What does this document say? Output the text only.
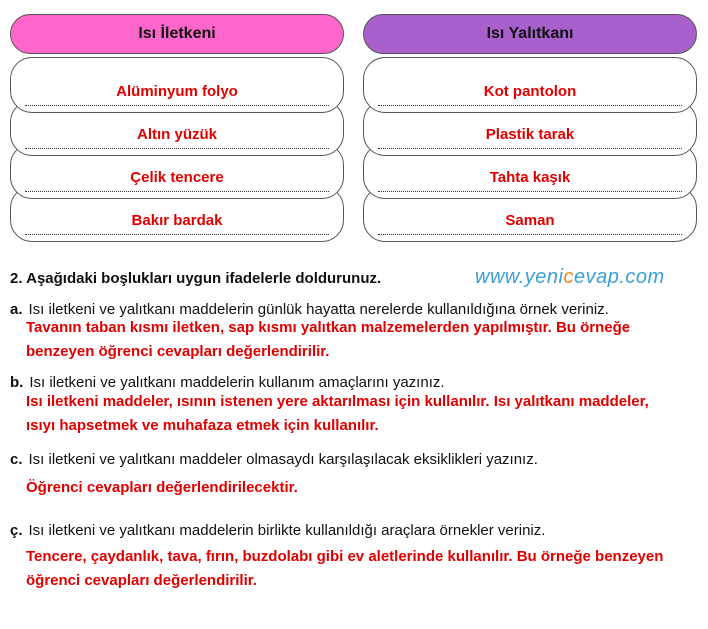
Bakır bardak
Çelik tencere
Altın yüzük
Alüminyum folyo
Isı İletkeni
Saman
Tahta kaşık
Plastik tarak
Kot pantolon
Isı Yalıtkanı
2. Aşağıdaki boşlukları uygun ifadelerle doldurunuz.	www.yenicevap.com
a. Isı iletkeni ve yalıtkanı maddelerin günlük hayatta nerelerde kullanıldığına örnek veriniz.
Tavanın taban kısmı iletken, sap kısmı yalıtkan malzemelerden yapılmıştır. Bu örneğe
benzeyen öğrenci cevapları değerlendirilir.
b. Isı iletkeni ve yalıtkanı maddelerin kullanım amaçlarını yazınız.
Isı iletkeni maddeler, ısının istenen yere aktarılması için kullanılır. Isı yalıtkanı maddeler,
ısıyı hapsetmek ve muhafaza etmek için kullanılır.
c. Isı iletkeni ve yalıtkanı maddeler olmasaydı karşılaşılacak eksiklikleri yazınız.
Öğrenci cevapları değerlendirilecektir.
ç. Isı iletkeni ve yalıtkanı maddelerin birlikte kullanıldığı araçlara örnekler veriniz.
Tencere, çaydanlık, tava, fırın, buzdolabı gibi ev aletlerinde kullanılır. Bu örneğe benzeyen
öğrenci cevapları değerlendirilir.
